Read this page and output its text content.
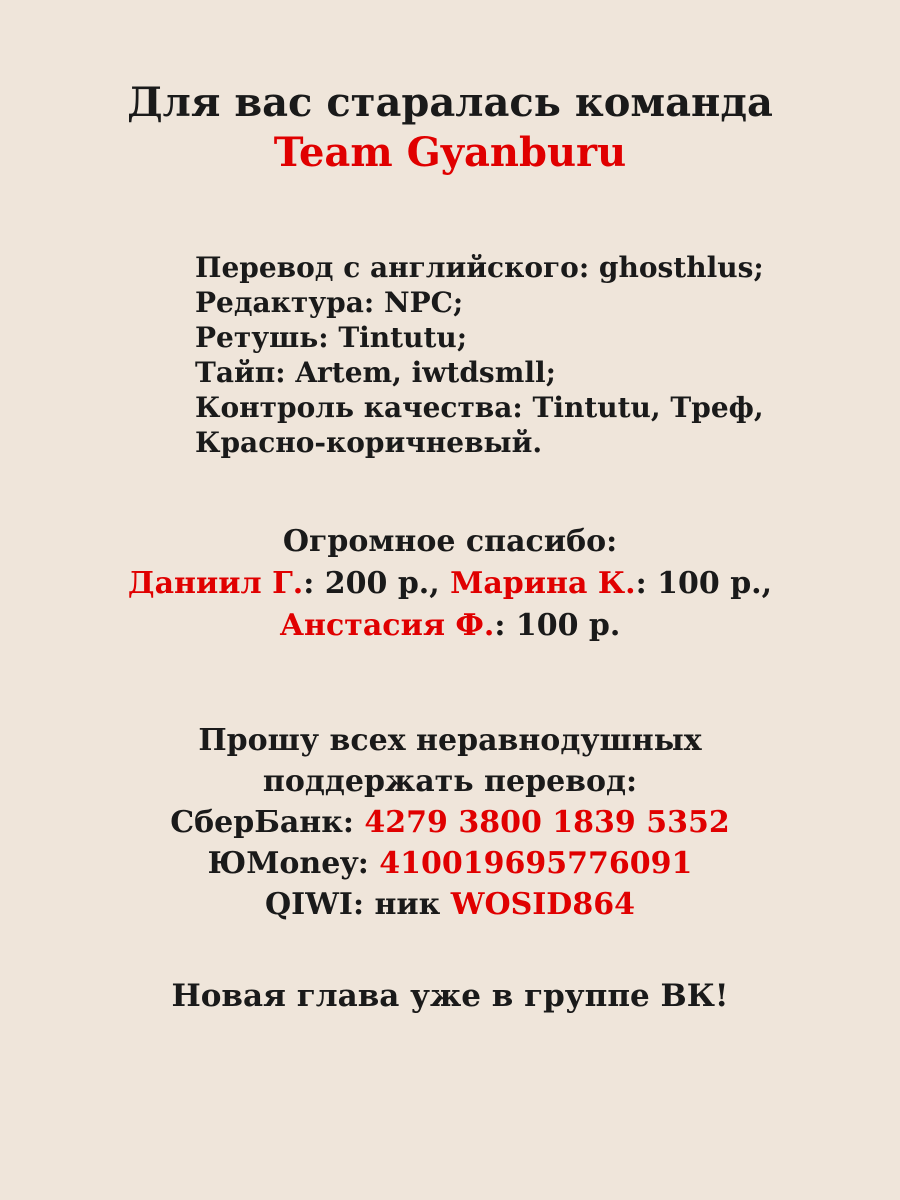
Для вас старалась команда
Team Gyanburu
Перевод с английского: ghosthlus;
Редактура: NPC;
Ретушь: Tintutu;
Тайп: Artem, iwtdsmll;
Контроль качества: Tintutu, Треф,
Красно-коричневый.
Огромное спасибо:
Даниил Г.: 200 р., Марина К.: 100 р.,
Анстасия Ф.: 100 р.
Прошу всех неравнодушных
поддержать перевод:
СберБанк: 4279 3800 1839 5352
ЮMoney: 410019695776091
QIWI: ник WOSID864
Новая глава уже в группе ВК!
